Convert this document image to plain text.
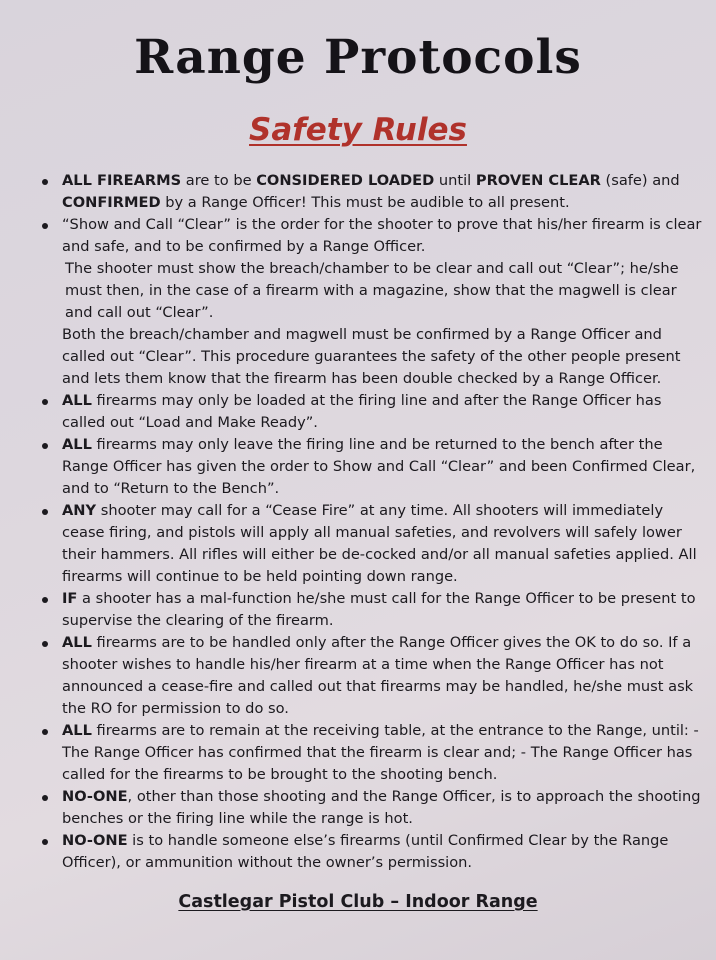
Range Protocols
Safety Rules
ALL FIREARMS are to be CONSIDERED LOADED until PROVEN CLEAR (safe) and CONFIRMED by a Range Officer! This must be audible to all present.
“Show and Call “Clear” is the order for the shooter to prove that his/her firearm is clear and safe, and to be confirmed by a Range Officer.
The shooter must show the breach/chamber to be clear and call out “Clear”; he/she must then, in the case of a firearm with a magazine, show that the magwell is clear and call out “Clear”.
Both the breach/chamber and magwell must be confirmed by a Range Officer and called out “Clear”. This procedure guarantees the safety of the other people present and lets them know that the firearm has been double checked by a Range Officer.
ALL firearms may only be loaded at the firing line and after the Range Officer has called out “Load and Make Ready”.
ALL firearms may only leave the firing line and be returned to the bench after the Range Officer has given the order to Show and Call “Clear” and been Confirmed Clear, and to “Return to the Bench”.
ANY shooter may call for a “Cease Fire” at any time. All shooters will immediately cease firing, and pistols will apply all manual safeties, and revolvers will safely lower their hammers. All rifles will either be de-cocked and/or all manual safeties applied. All firearms will continue to be held pointing down range.
IF a shooter has a mal-function he/she must call for the Range Officer to be present to supervise the clearing of the firearm.
ALL firearms are to be handled only after the Range Officer gives the OK to do so. If a shooter wishes to handle his/her firearm at a time when the Range Officer has not announced a cease-fire and called out that firearms may be handled, he/she must ask the RO for permission to do so.
ALL firearms are to remain at the receiving table, at the entrance to the Range, until: - The Range Officer has confirmed that the firearm is clear and; - The Range Officer has called for the firearms to be brought to the shooting bench.
NO-ONE, other than those shooting and the Range Officer, is to approach the shooting benches or the firing line while the range is hot.
NO-ONE is to handle someone else’s firearms (until Confirmed Clear by the Range Officer), or ammunition without the owner’s permission.
Castlegar Pistol Club – Indoor Range
